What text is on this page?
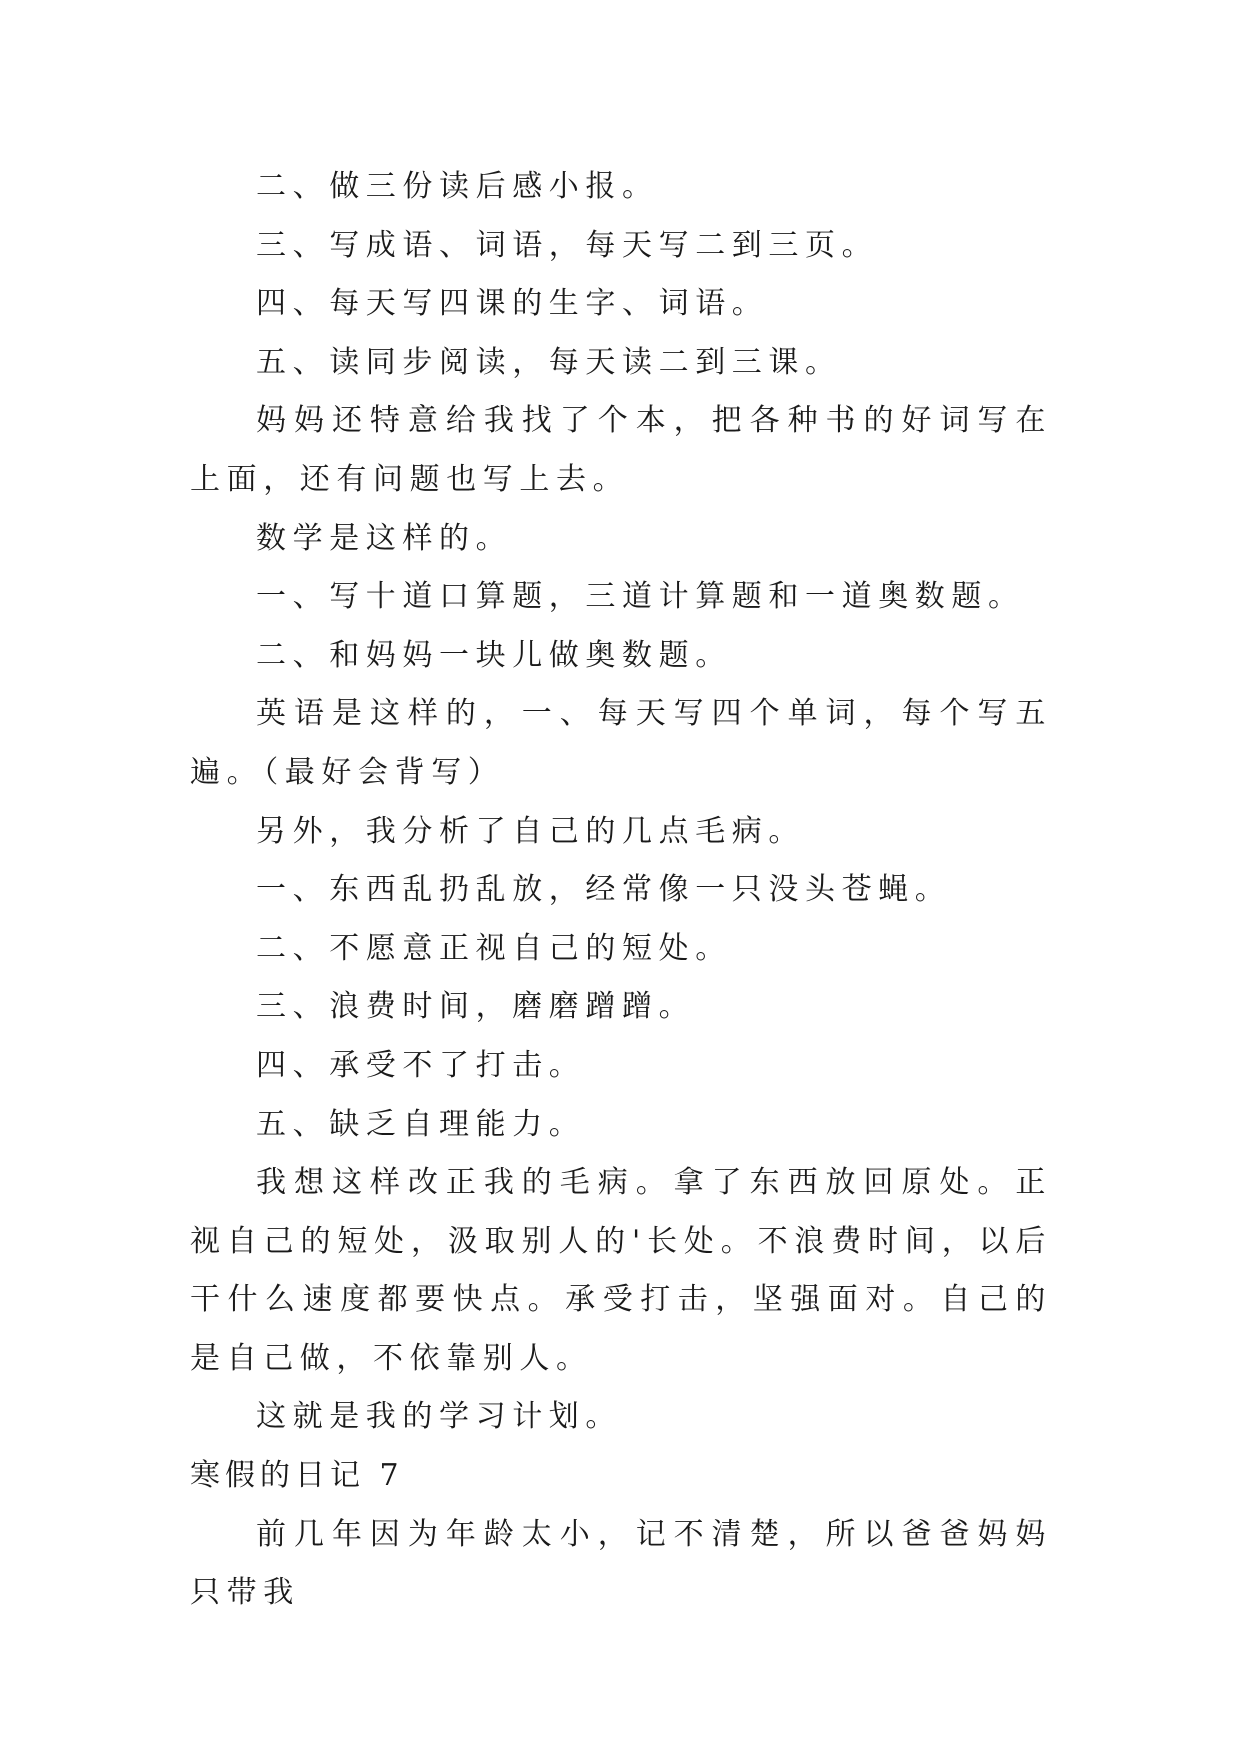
二、做三份读后感小报。

三、写成语、词语，每天写二到三页。

四、每天写四课的生字、词语。

五、读同步阅读，每天读二到三课。

妈妈还特意给我找了个本，把各种书的好词写在上面，还有问题也写上去。

数学是这样的。

一、写十道口算题，三道计算题和一道奥数题。

二、和妈妈一块儿做奥数题。

英语是这样的，一、每天写四个单词，每个写五遍。（最好会背写）

另外，我分析了自己的几点毛病。

一、东西乱扔乱放，经常像一只没头苍蝇。

二、不愿意正视自己的短处。

三、浪费时间，磨磨蹭蹭。

四、承受不了打击。

五、缺乏自理能力。

我想这样改正我的毛病。拿了东西放回原处。正视自己的短处，汲取别人的'长处。不浪费时间，以后干什么速度都要快点。承受打击，坚强面对。自己的是自己做，不依靠别人。

这就是我的学习计划。

寒假的日记 7

前几年因为年龄太小，记不清楚，所以爸爸妈妈只带我
